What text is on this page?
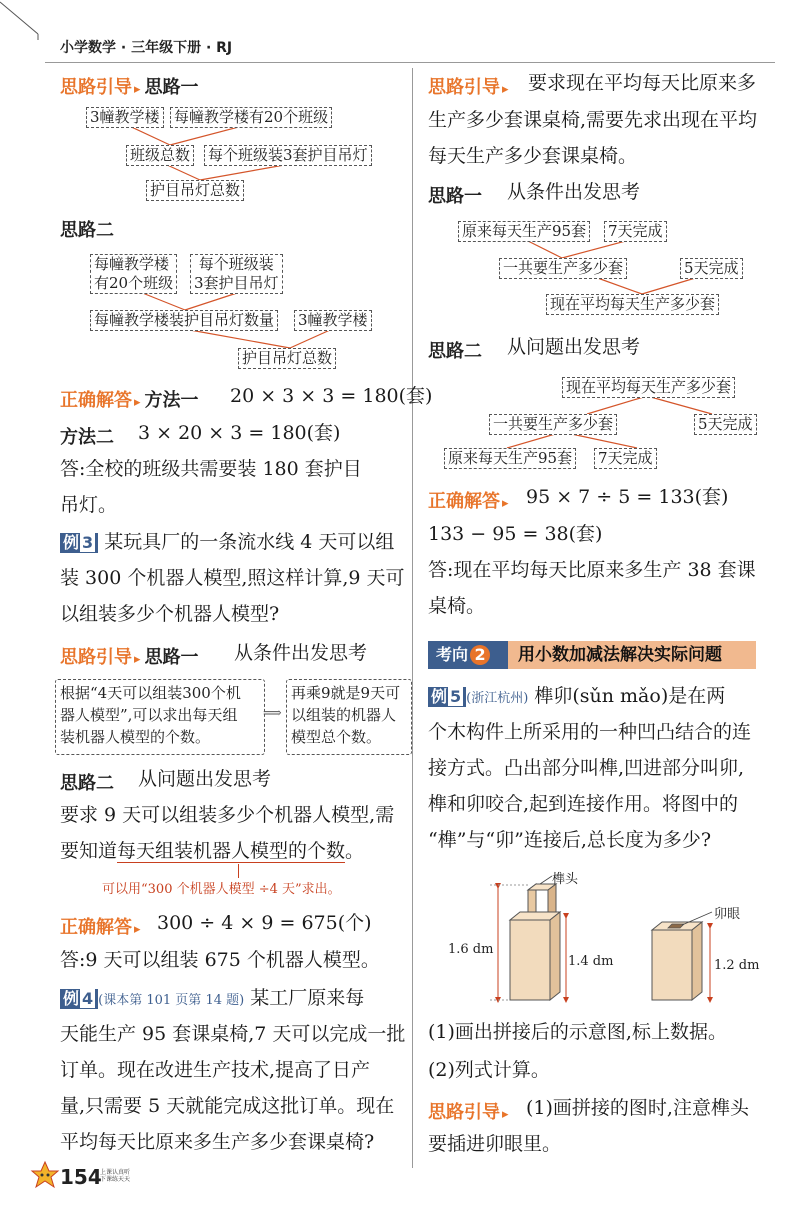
小学数学 · 三年级下册 · RJ
思路引导 ▸ 思路一
3幢教学楼 每幢教学楼有20个班级
班级总数 每个班级装3套护目吊灯
护目吊灯总数
思路二
每幢教学楼
有20个班级
每个班级装
3套护目吊灯
每幢教学楼装护目吊灯数量 3幢教学楼
护目吊灯总数
正确解答 ▸ 方法一 20 × 3 × 3 = 180(套)
方法二 3 × 20 × 3 = 180(套)
答:全校的班级共需要装 180 套护目
吊灯。
例 3 某玩具厂的一条流水线 4 天可以组
装 300 个机器人模型,照这样计算,9 天可
以组装多少个机器人模型?
思路引导 ▸ 思路一 从条件出发思考
根据“4天可以组装300个机
器人模型”,可以求出每天组
装机器人模型的个数。
⟹
再乘9就是9天可
以组装的机器人
模型总个数。
思路二 从问题出发思考
要求 9 天可以组装多少个机器人模型,需
要知道每天组装机器人模型的个数。
可以用“300 个机器人模型 ÷4 天”求出。
正确解答 ▸ 300 ÷ 4 × 9 = 675(个)
答:9 天可以组装 675 个机器人模型。
例 4 (课本第 101 页第 14 题) 某工厂原来每
天能生产 95 套课桌椅,7 天可以完成一批
订单。现在改进生产技术,提高了日产
量,只需要 5 天就能完成这批订单。现在
平均每天比原来多生产多少套课桌椅?
思路引导 ▸ 要求现在平均每天比原来多
生产多少套课桌椅,需要先求出现在平均
每天生产多少套课桌椅。
思路一 从条件出发思考
原来每天生产95套 7天完成
一共要生产多少套	5天完成
现在平均每天生产多少套
思路二 从问题出发思考
现在平均每天生产多少套
一共要生产多少套	5天完成
原来每天生产95套 7天完成
正确解答 ▸ 95 × 7 ÷ 5 = 133(套)
133 − 95 = 38(套)
答:现在平均每天比原来多生产 38 套课
桌椅。
考向 2	用小数加减法解决实际问题
例 5 (浙江杭州) 榫卯(sǔn mǎo)是在两
个木构件上所采用的一种凹凸结合的连
接方式。凸出部分叫榫,凹进部分叫卯,
榫和卯咬合,起到连接作用。将图中的
“榫”与“卯”连接后,总长度为多少?
榫头
卯眼
1.6 dm
1.4 dm	1.2 dm
(1)画出拼接后的示意图,标上数据。
(2)列式计算。
思路引导 ▸ (1)画拼接的图时,注意榫头
要插进卯眼里。
154
上课认真听
下课练天天
